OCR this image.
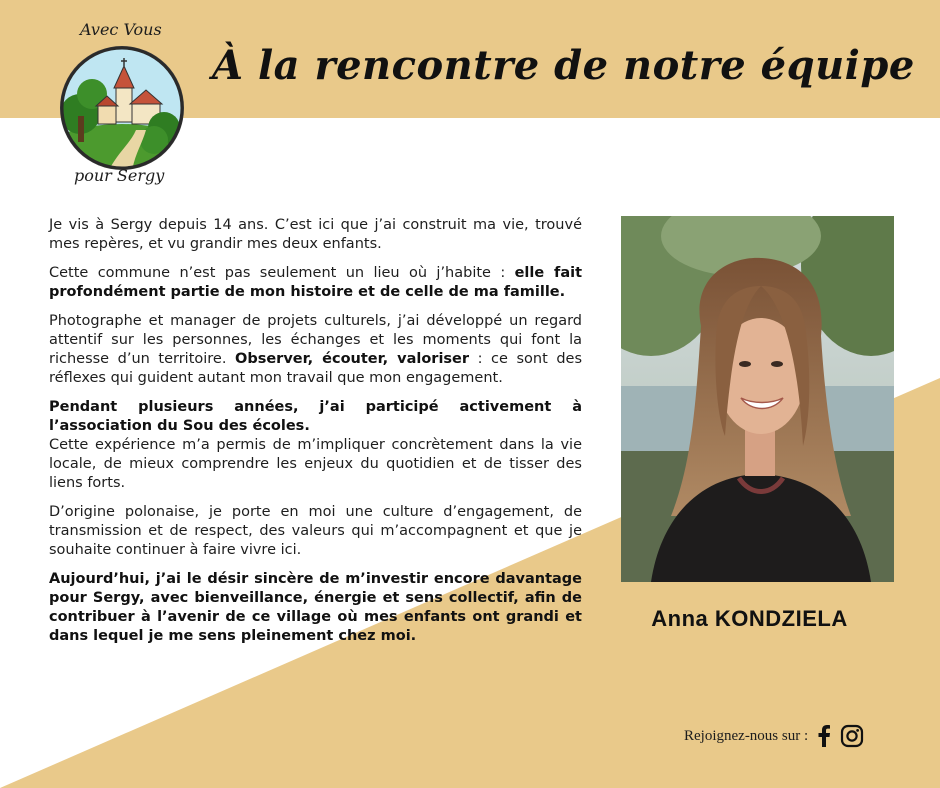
Avec Vous
pour Sergy
À la rencontre de notre équipe

Je vis à Sergy depuis 14 ans. C’est ici que j’ai construit ma vie, trouvé mes repères, et vu grandir mes deux enfants.

Cette commune n’est pas seulement un lieu où j’habite : elle fait profondément partie de mon histoire et de celle de ma famille.

Photographe et manager de projets culturels, j’ai développé un regard attentif sur les personnes, les échanges et les moments qui font la richesse d’un territoire. Observer, écouter, valoriser : ce sont des réflexes qui guident autant mon travail que mon engagement.

Pendant plusieurs années, j’ai participé activement à l’association du Sou des écoles.
Cette expérience m’a permis de m’impliquer concrètement dans la vie locale, de mieux comprendre les enjeux du quotidien et de tisser des liens forts.

D’origine polonaise, je porte en moi une culture d’engagement, de transmission et de respect, des valeurs qui m’accompagnent et que je souhaite continuer à faire vivre ici.

Aujourd’hui, j’ai le désir sincère de m’investir encore davantage pour Sergy, avec bienveillance, énergie et sens collectif, afin de contribuer à l’avenir de ce village où mes enfants ont grandi et dans lequel je me sens pleinement chez moi.

Anna KONDZIELA
Rejoignez-nous sur :
